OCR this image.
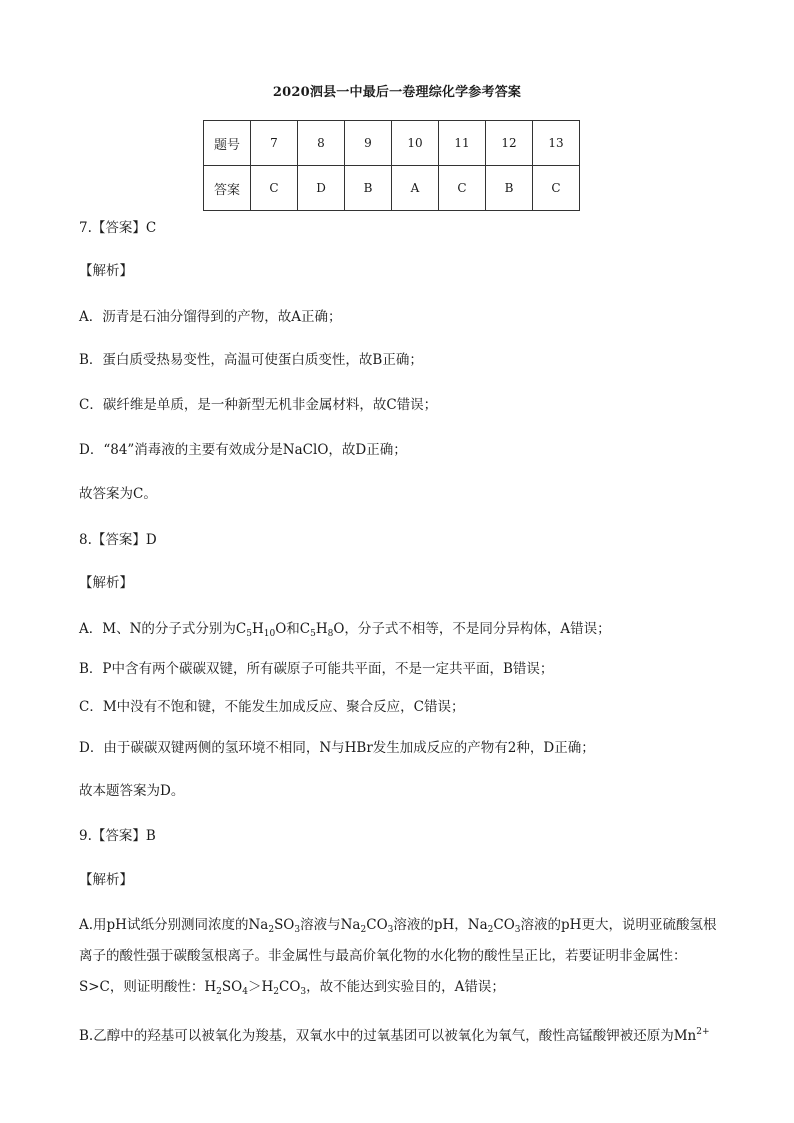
2020泗县一中最后一卷理综化学参考答案
题号	7	8	9	10	11	12	13
答案	C	D	B	A	C	B	C
7.【答案】C
【解析】
A．沥青是石油分馏得到的产物，故A正确；
B．蛋白质受热易变性，高温可使蛋白质变性，故B正确；
C．碳纤维是单质，是一种新型无机非金属材料，故C错误；
D．“84”消毒液的主要有效成分是NaClO，故D正确；
故答案为C。
8.【答案】D
【解析】
A．M、N的分子式分别为$C_5H_{10}O$和$C_5H_8O$，分子式不相等，不是同分异构体，A错误；
B．P中含有两个碳碳双键，所有碳原子可能共平面，不是一定共平面，B错误；
C．M中没有不饱和键，不能发生加成反应、聚合反应，C错误；
D．由于碳碳双键两侧的氢环境不相同，N与HBr发生加成反应的产物有2种，D正确；
故本题答案为D。
9.【答案】B
【解析】
A.用pH试纸分别测同浓度的$Na_2SO_3$溶液与$Na_2CO_3$溶液的pH，$Na_2CO_3$溶液的pH更大，说明亚硫酸氢根离子的酸性强于碳酸氢根离子。非金属性与最高价氧化物的水化物的酸性呈正比，若要证明非金属性：S>C，则证明酸性：$H_2SO_4>H_2CO_3$，故不能达到实验目的，A错误；
B.乙醇中的羟基可以被氧化为羧基，双氧水中的过氧基团可以被氧化为氧气，酸性高锰酸钾被还原为$Mn^{2+}$
